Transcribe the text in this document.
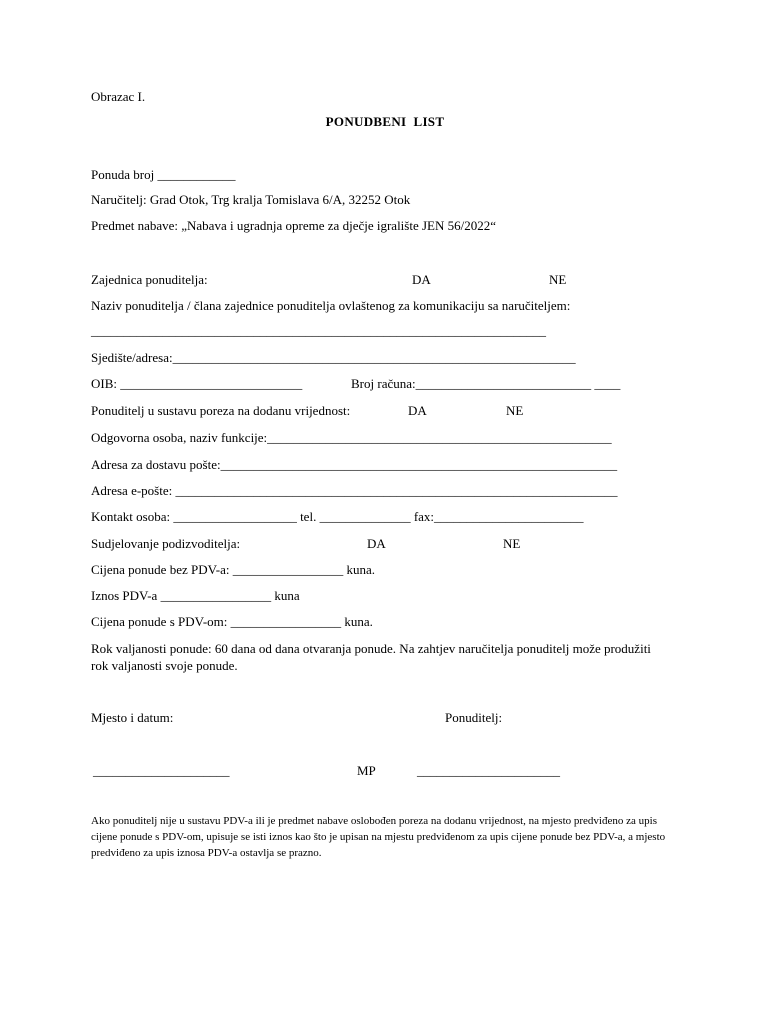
Obrazac I.
PONUDBENI  LIST
Ponuda broj ____________
Naručitelj: Grad Otok, Trg kralja Tomislava 6/A, 32252 Otok
Predmet nabave: „Nabava i ugradnja opreme za dječje igralište JEN 56/2022“
Zajednica ponuditelja:	DA	NE
Naziv ponuditelja / člana zajednice ponuditelja ovlaštenog za komunikaciju sa naručiteljem:
______________________________________________________________________
Sjedište/adresa:______________________________________________________________
OIB: ____________________________	Broj računa:___________________________ ____
Ponuditelj u sustavu poreza na dodanu vrijednost:	DA	NE
Odgovorna osoba, naziv funkcije:_____________________________________________________
Adresa za dostavu pošte:_____________________________________________________________
Adresa e-pošte: ____________________________________________________________________
Kontakt osoba: ___________________ tel. ______________ fax:_______________________
Sudjelovanje podizvoditelja:	DA	NE
Cijena ponude bez PDV-a: _________________ kuna.
Iznos PDV-a _________________ kuna
Cijena ponude s PDV-om: _________________ kuna.
Rok valjanosti ponude: 60 dana od dana otvaranja ponude. Na zahtjev naručitelja ponuditelj može produžiti rok valjanosti svoje ponude.
Mjesto i datum:	Ponuditelj:
_____________________	MP	______________________
Ako ponuditelj nije u sustavu PDV-a ili je predmet nabave oslobođen poreza na dodanu vrijednost, na mjesto predviđeno za upis cijene ponude s PDV-om, upisuje se isti iznos kao što je upisan na mjestu predviđenom za upis cijene ponude bez PDV-a, a mjesto predviđeno za upis iznosa PDV-a ostavlja se prazno.
